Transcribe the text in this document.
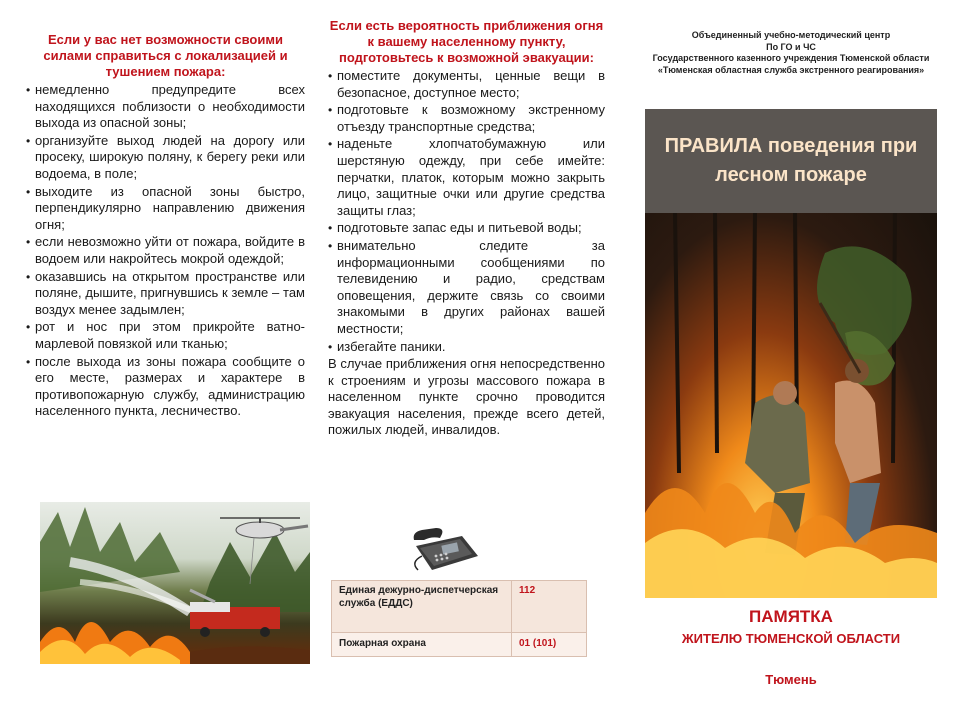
Если у вас нет возможности своими силами справиться с локализацией и тушением пожара:
• немедленно предупредите всех находящихся поблизости о необходимости выхода из опасной зоны;
• организуйте выход людей на дорогу или просеку, широкую поляну, к берегу реки или водоема, в поле;
• выходите из опасной зоны быстро, перпендикулярно направлению движения огня;
• если невозможно уйти от пожара, войдите в водоем или накройтесь мокрой одеждой;
• оказавшись на открытом пространстве или поляне, дышите, пригнувшись к земле – там воздух менее задымлен;
• рот и нос при этом прикройте ватно-марлевой повязкой или тканью;
• после выхода из зоны пожара сообщите о его месте, размерах и характере в противопожарную службу, администрацию населенного пункта, лесничество.
Если есть вероятность приближения огня к вашему населенному пункту, подготовьтесь к возможной эвакуации:
• поместите документы, ценные вещи в безопасное, доступное место;
• подготовьте к возможному экстренному отъезду транспортные средства;
• наденьте хлопчатобумажную или шерстяную одежду, при себе имейте: перчатки, платок, которым можно закрыть лицо, защитные очки или другие средства защиты глаз;
• подготовьте запас еды и питьевой воды;
• внимательно следите за информационными сообщениями по телевидению и радио, средствам оповещения, держите связь со своими знакомыми в других районах вашей местности;
• избегайте паники.
В случае приближения огня непосредственно к строениям и угрозы массового пожара в населенном пункте срочно проводится эвакуация населения, прежде всего детей, пожилых людей, инвалидов.
Единая дежурно-диспетчерская служба (ЕДДС)	112
Пожарная охрана	01 (101)
Объединенный учебно-методический центр
По ГО и ЧС
Государственного казенного учреждения Тюменской области «Тюменская областная служба экстренного реагирования»
ПРАВИЛА поведения при лесном пожаре
ПАМЯТКА
ЖИТЕЛЮ ТЮМЕНСКОЙ ОБЛАСТИ
Тюмень
